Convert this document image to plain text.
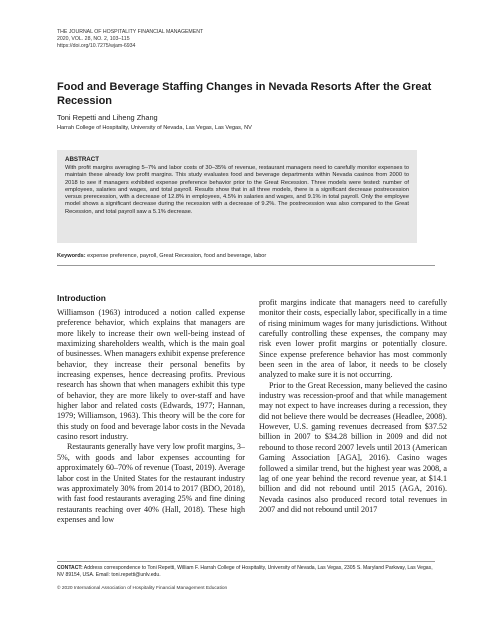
THE JOURNAL OF HOSPITALITY FINANCIAL MANAGEMENT
2020, VOL. 28, NO. 2, 103–115
https://doi.org/10.7275/wjam-6934
Food and Beverage Staffing Changes in Nevada Resorts After the Great Recession
Toni Repetti and Liheng Zhang
Harrah College of Hospitality, University of Nevada, Las Vegas, Las Vegas, NV

ABSTRACT

With profit margins averaging 5–7% and labor costs of 30–35% of revenue, restaurant managers need to carefully monitor expenses to maintain these already low profit margins. This study evaluates food and beverage departments within Nevada casinos from 2000 to 2018 to see if managers exhibited expense preference behavior prior to the Great Recession. Three models were tested: number of employees, salaries and wages, and total payroll. Results show that in all three models, there is a significant decrease postrecession versus prerecession, with a decrease of 12.8% in employees, 4.5% in salaries and wages, and 9.1% in total payroll. Only the employee model shows a significant decrease during the recession with a decrease of 9.2%. The postrecession was also compared to the Great Recession, and total payroll saw a 5.1% decrease.

Keywords: expense preference, payroll, Great Recession, food and beverage, labor
Introduction

Williamson (1963) introduced a notion called expense preference behavior, which explains that managers are more likely to increase their own well-being instead of maximizing shareholders wealth, which is the main goal of businesses. When managers exhibit expense preference behavior, they increase their personal benefits by increasing expenses, hence decreasing profits. Previous research has shown that when managers exhibit this type of behavior, they are more likely to over-staff and have higher labor and related costs (Edwards, 1977; Hannan, 1979; Williamson, 1963). This theory will be the core for this study on food and beverage labor costs in the Nevada casino resort industry.

Restaurants generally have very low profit margins, 3–5%, with goods and labor expenses accounting for approximately 60–70% of revenue (Toast, 2019). Average labor cost in the United States for the restaurant industry was approximately 30% from 2014 to 2017 (BDO, 2018), with fast food restaurants averaging 25% and fine dining restaurants reaching over 40% (Hall, 2018). These high expenses and low

profit margins indicate that managers need to carefully monitor their costs, especially labor, specifically in a time of rising minimum wages for many jurisdictions. Without carefully controlling these expenses, the company may risk even lower profit margins or potentially closure. Since expense preference behavior has most commonly been seen in the area of labor, it needs to be closely analyzed to make sure it is not occurring.

Prior to the Great Recession, many believed the casino industry was recession-proof and that while management may not expect to have increases during a recession, they did not believe there would be decreases (Headlee, 2008). However, U.S. gaming revenues decreased from $37.52 billion in 2007 to $34.28 billion in 2009 and did not rebound to those record 2007 levels until 2013 (American Gaming Association [AGA], 2016). Casino wages followed a similar trend, but the highest year was 2008, a lag of one year behind the record revenue year, at $14.1 billion and did not rebound until 2015 (AGA, 2016). Nevada casinos also produced record total revenues in 2007 and did not rebound until 2017

CONTACT: Address correspondence to Toni Repetti, William F. Harrah College of Hospitality, University of Nevada, Las Vegas, 2305 S. Maryland Parkway, Las Vegas, NV 89154, USA. Email: toni.repetti@unlv.edu.
© 2020 International Association of Hospitality Financial Management Education
